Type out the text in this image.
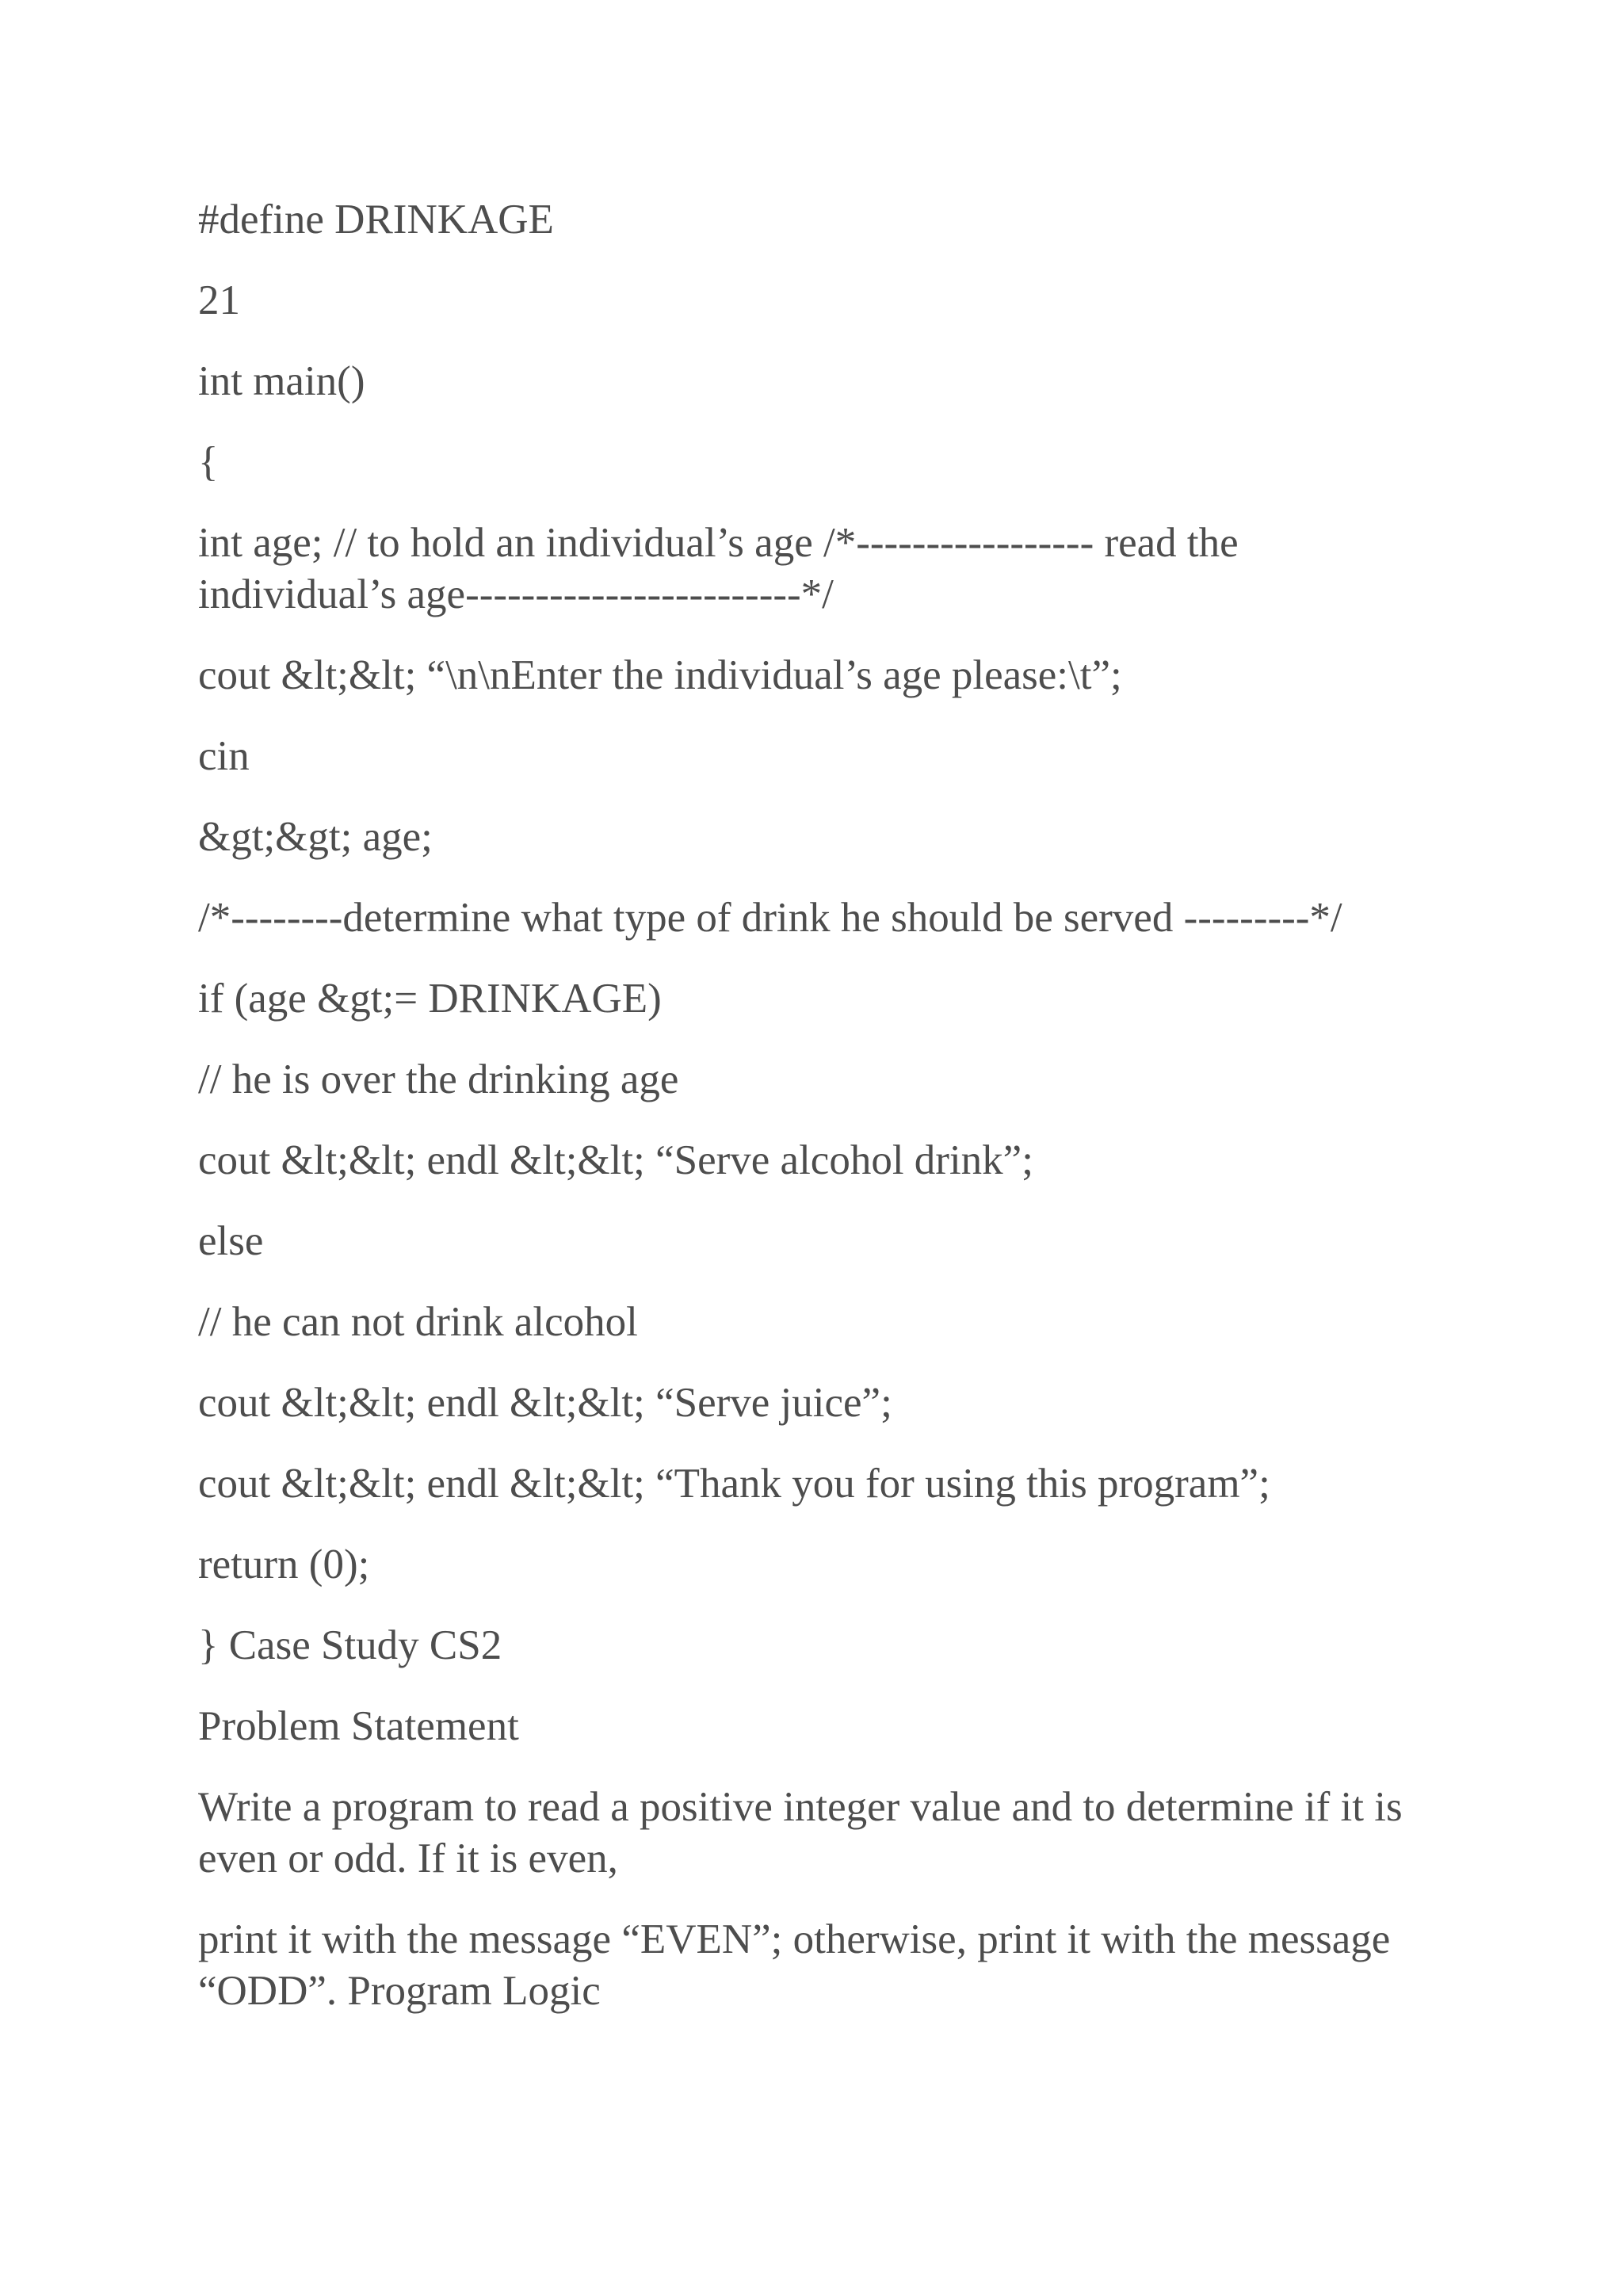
#define DRINKAGE

21

int main()

{

int age; // to hold an individual’s age /*----------------- read the individual’s age------------------------*/

cout &lt;&lt; “\n\nEnter the individual’s age please:\t”;

cin

&gt;&gt; age;

/*--------determine what type of drink he should be served ---------*/

if (age &gt;= DRINKAGE)

// he is over the drinking age

cout &lt;&lt; endl &lt;&lt; “Serve alcohol drink”;

else

// he can not drink alcohol

cout &lt;&lt; endl &lt;&lt; “Serve juice”;

cout &lt;&lt; endl &lt;&lt; “Thank you for using this program”;

return (0);

} Case Study CS2

Problem Statement

Write a program to read a positive integer value and to determine if it is even or odd. If it is even,

print it with the message “EVEN”; otherwise, print it with the message “ODD”. Program Logic
